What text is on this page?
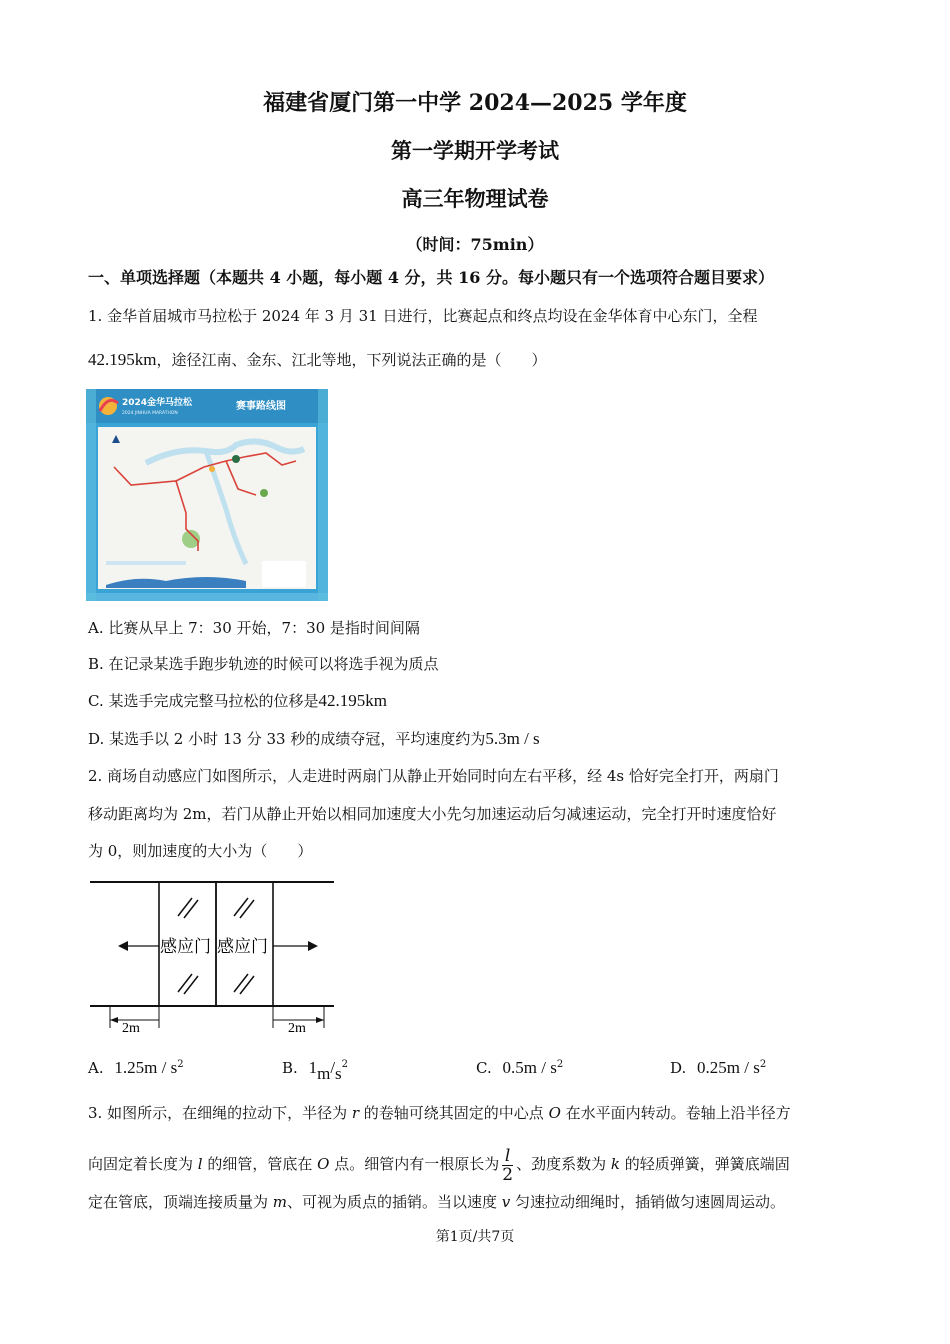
福建省厦门第一中学 2024—2025 学年度
第一学期开学考试
高三年物理试卷
（时间：75min）
一、单项选择题（本题共 4 小题，每小题 4 分，共 16 分。每小题只有一个选项符合题目要求）
1. 金华首届城市马拉松于 2024 年 3 月 31 日进行，比赛起点和终点均设在金华体育中心东门，全程
42.195km，途径江南、金东、江北等地，下列说法正确的是（　　）
2024金华马拉松
2024 JINHUA MARATHON
赛事路线图
A. 比赛从早上 7：30 开始，7：30 是指时间间隔
B. 在记录某选手跑步轨迹的时候可以将选手视为质点
C. 某选手完成完整马拉松的位移是42.195km
D. 某选手以 2 小时 13 分 33 秒的成绩夺冠，平均速度约为5.3m / s
2. 商场自动感应门如图所示，人走进时两扇门从静止开始同时向左右平移，经 4s 恰好完全打开，两扇门
移动距离均为 2m，若门从静止开始以相同加速度大小先匀加速运动后匀减速运动，完全打开时速度恰好
为 0，则加速度的大小为（　　）
感应门 感应门
2m	2m
A. $1.25m / s^2$	B. $1m/s^2$	C. $0.5m / s^2$	D. $0.25m / s^2$
3. 如图所示，在细绳的拉动下，半径为 r 的卷轴可绕其固定的中心点 O 在水平面内转动。卷轴上沿半径方
向固定着长度为 l 的细管，管底在 O 点。细管内有一根原长为 $\frac{l}{2}$ 、劲度系数为 k 的轻质弹簧，弹簧底端固
定在管底，顶端连接质量为 m、可视为质点的插销。当以速度 v 匀速拉动细绳时，插销做匀速圆周运动。
第1页/共7页
